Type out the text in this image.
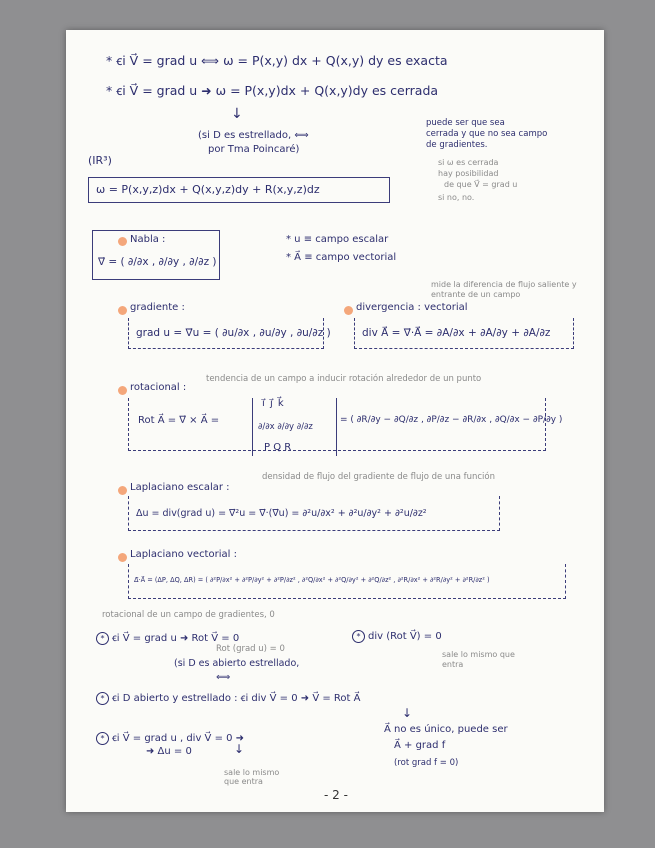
* ꞓi V⃗ = grad u ⟺ ω = P(x,y) dx + Q(x,y) dy es exacta
* ꞓi V⃗ = grad u ➜ ω = P(x,y)dx + Q(x,y)dy es cerrada
↓
(si D es estrellado, ⟺
por Tma Poincaré)
puede ser que sea
cerrada y que no sea campo
de gradientes.
si ω es cerrada
hay posibilidad
de que V⃗ = grad u
si no, no.
(IR³)
ω = P(x,y,z)dx + Q(x,y,z)dy + R(x,y,z)dz
Nabla :
∇⃗ = ( ∂/∂x , ∂/∂y , ∂/∂z )
* u ≡ campo escalar
* A⃗ ≡ campo vectorial
gradiente :
grad u = ∇⃗u = ( ∂u/∂x , ∂u/∂y , ∂u/∂z )
mide la diferencia de flujo saliente y entrante de un campo
divergencia : vectorial
div A⃗ = ∇⃗·A⃗ = ∂A/∂x + ∂A/∂y + ∂A/∂z
rotacional :
tendencia de un campo a inducir rotación alrededor de un punto
Rot A⃗ = ∇⃗ × A⃗ =
i⃗ j⃗ k⃗
∂/∂x ∂/∂y ∂/∂z
P Q R
= ( ∂R/∂y − ∂Q/∂z , ∂P/∂z − ∂R/∂x , ∂Q/∂x − ∂P/∂y )
Laplaciano escalar :
densidad de flujo del gradiente de flujo de una función
Δu = div(grad u) = ∇⃗²u = ∇⃗·(∇⃗u) = ∂²u/∂x² + ∂²u/∂y² + ∂²u/∂z²
Laplaciano vectorial :
Δ⃗·A⃗ = (ΔP, ΔQ, ΔR) = ( ∂²P/∂x² + ∂²P/∂y² + ∂²P/∂z² , ∂²Q/∂x² + ∂²Q/∂y² + ∂²Q/∂z² , ∂²R/∂x² + ∂²R/∂y² + ∂²R/∂z² )
rotacional de un campo de gradientes, 0
* ꞓi V⃗ = grad u ➜ Rot V⃗ = 0
Rot (grad u) = 0
(si D es abierto estrellado,
⟺
* div (Rot V⃗) = 0
sale lo mismo que entra
* ꞓi D abierto y estrellado : ꞓi div V⃗ = 0 ➜ V⃗ = Rot A⃗
↓
A⃗ no es único, puede ser
A⃗ + grad f
(rot grad f = 0)
* ꞓi V⃗ = grad u , div V⃗ = 0 ➜
➜ Δu = 0	↓
sale lo mismo que entra
- 2 -
